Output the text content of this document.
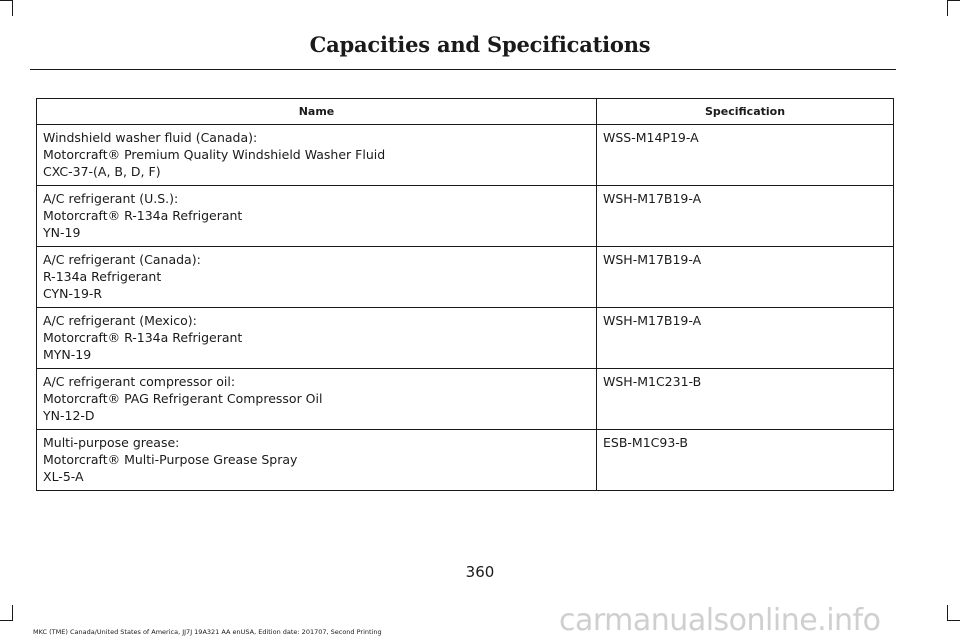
Capacities and Specifications
Name	Specification

Windshield washer fluid (Canada):
Motorcraft® Premium Quality Windshield Washer Fluid
CXC-37-(A, B, D, F)	WSS-M14P19-A

A/C refrigerant (U.S.):
Motorcraft® R-134a Refrigerant
YN-19	WSH-M17B19-A

A/C refrigerant (Canada):
R-134a Refrigerant
CYN-19-R	WSH-M17B19-A

A/C refrigerant (Mexico):
Motorcraft® R-134a Refrigerant
MYN-19	WSH-M17B19-A

A/C refrigerant compressor oil:
Motorcraft® PAG Refrigerant Compressor Oil
YN-12-D	WSH-M1C231-B

Multi-purpose grease:
Motorcraft® Multi-Purpose Grease Spray
XL-5-A	ESB-M1C93-B
360
MKC (TME) Canada/United States of America, JJ7J 19A321 AA enUSA, Edition date: 201707, Second Printing	carmanualsonline.info
